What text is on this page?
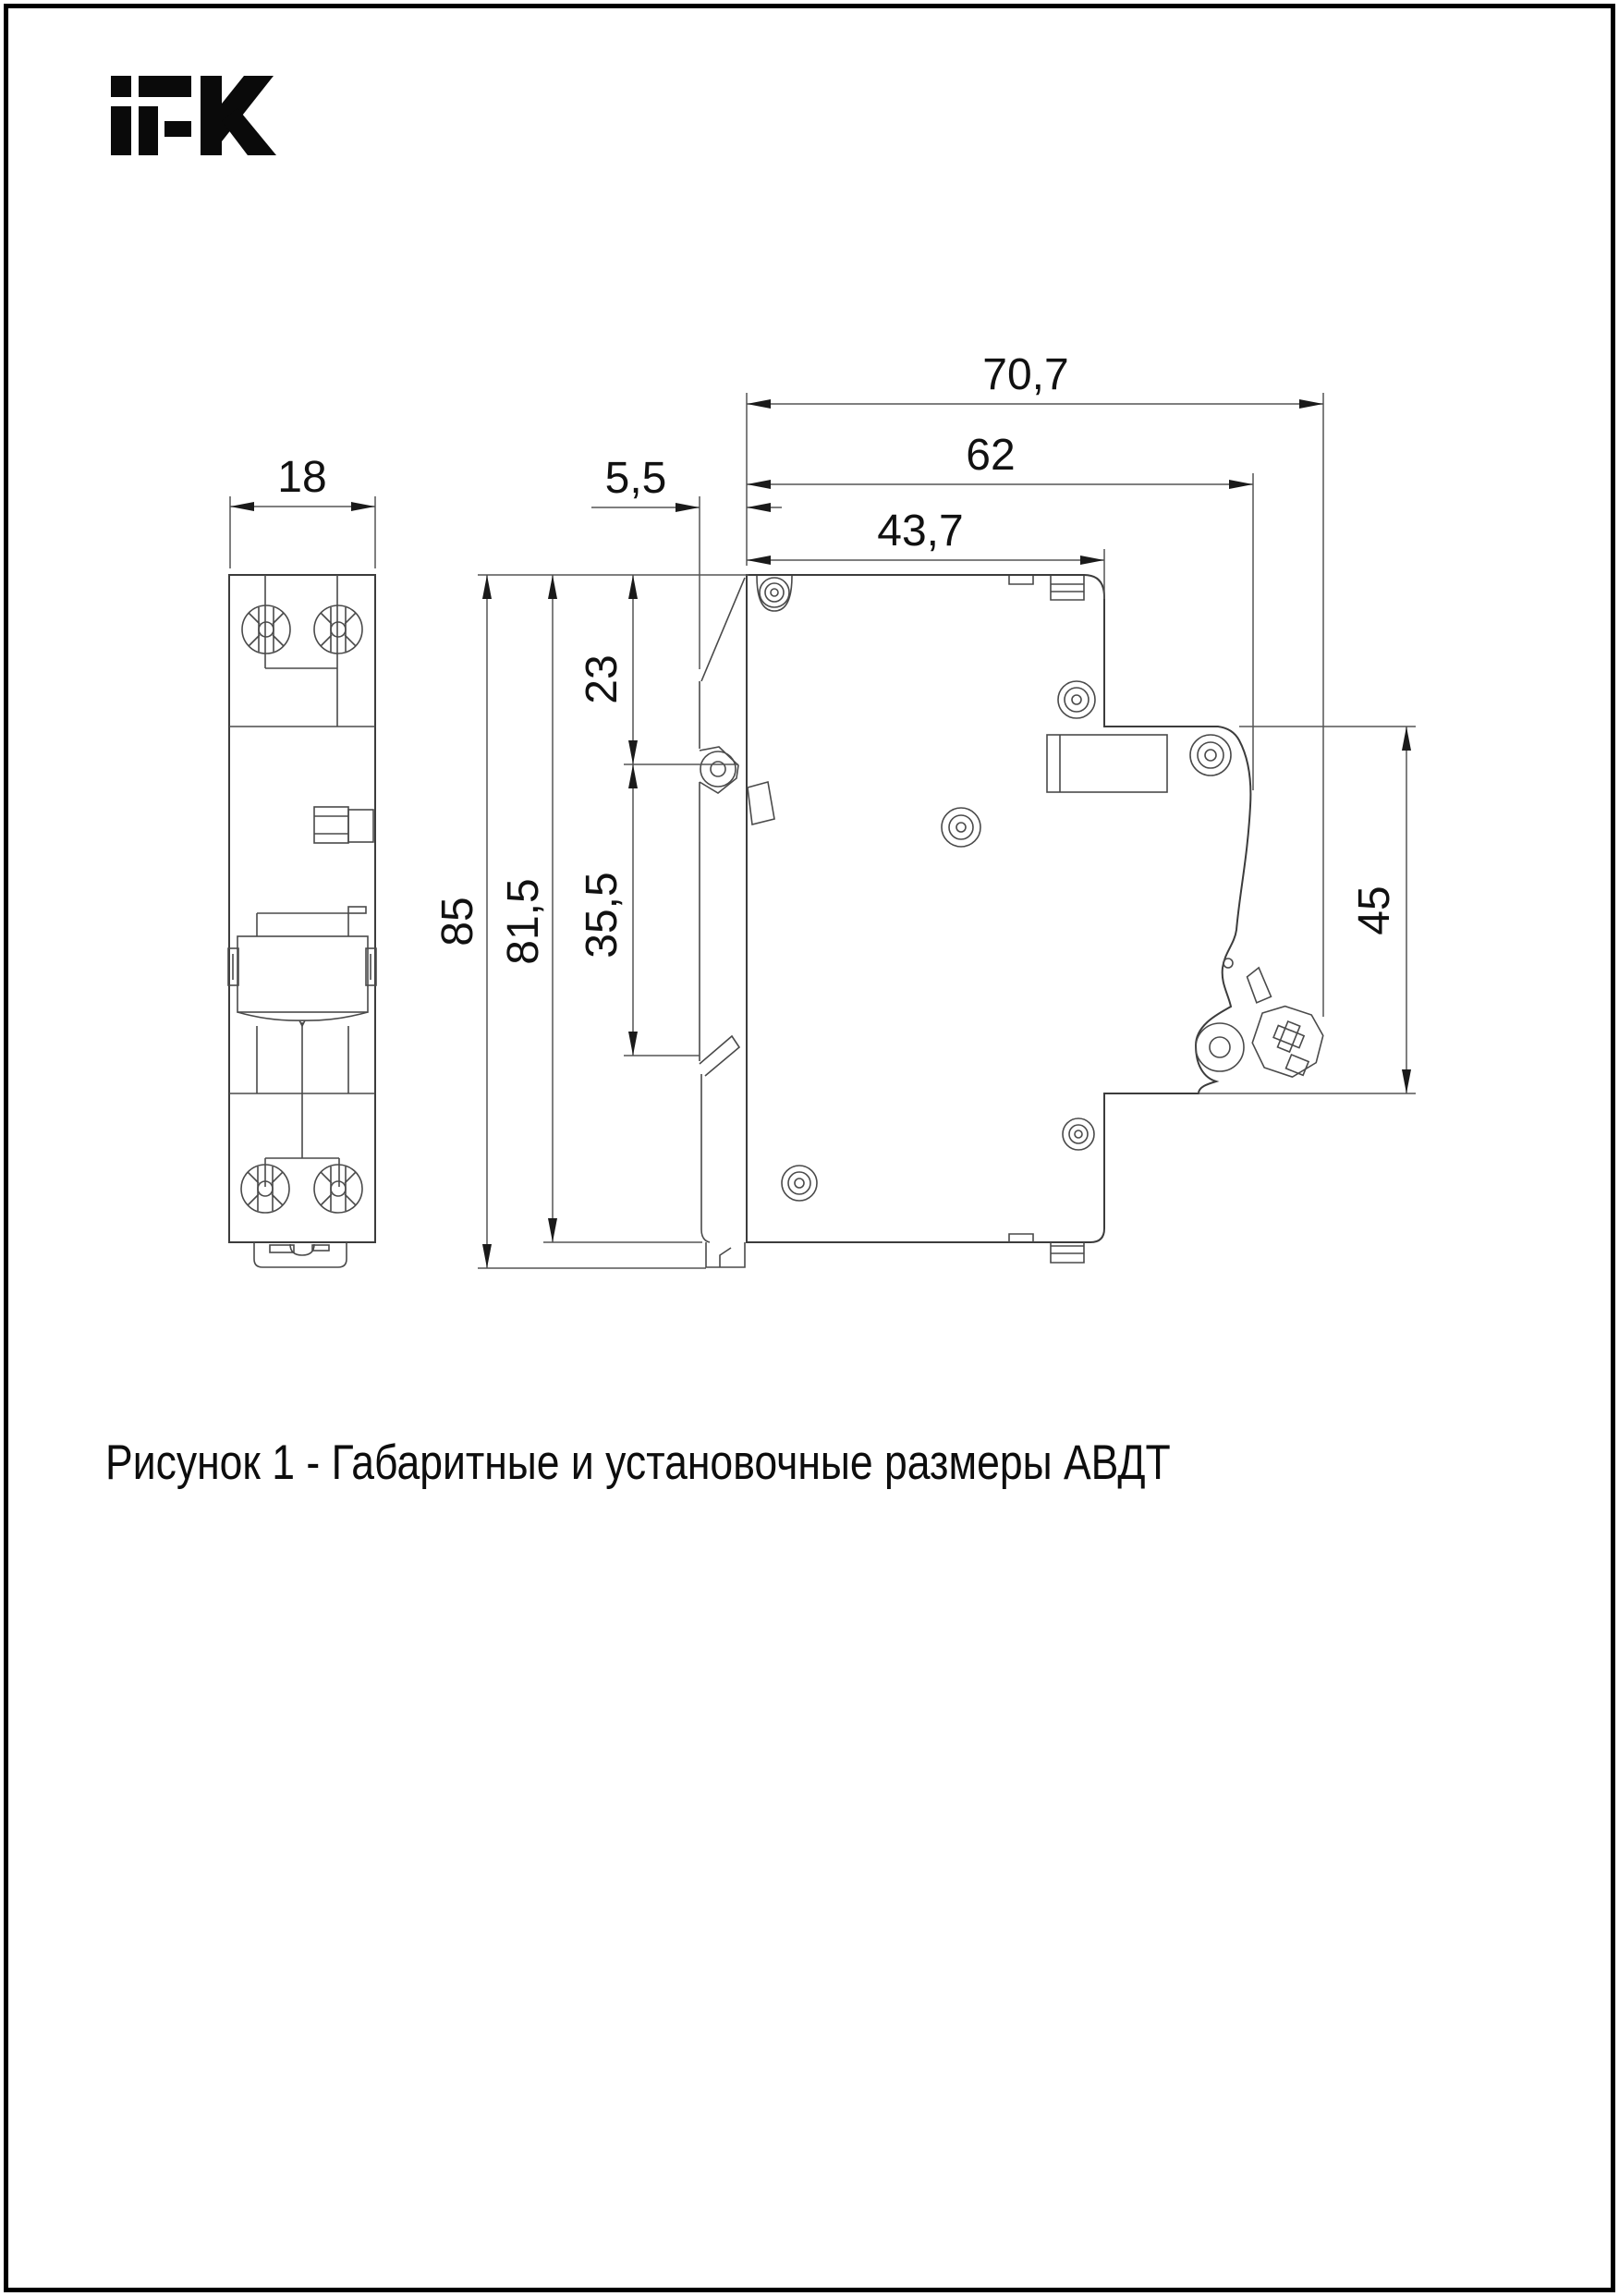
70,7
62
43,7
5,5
18
85 81,5
23
35,5	45
Рисунок 1 - Габаритные и установочные размеры АВДТ
